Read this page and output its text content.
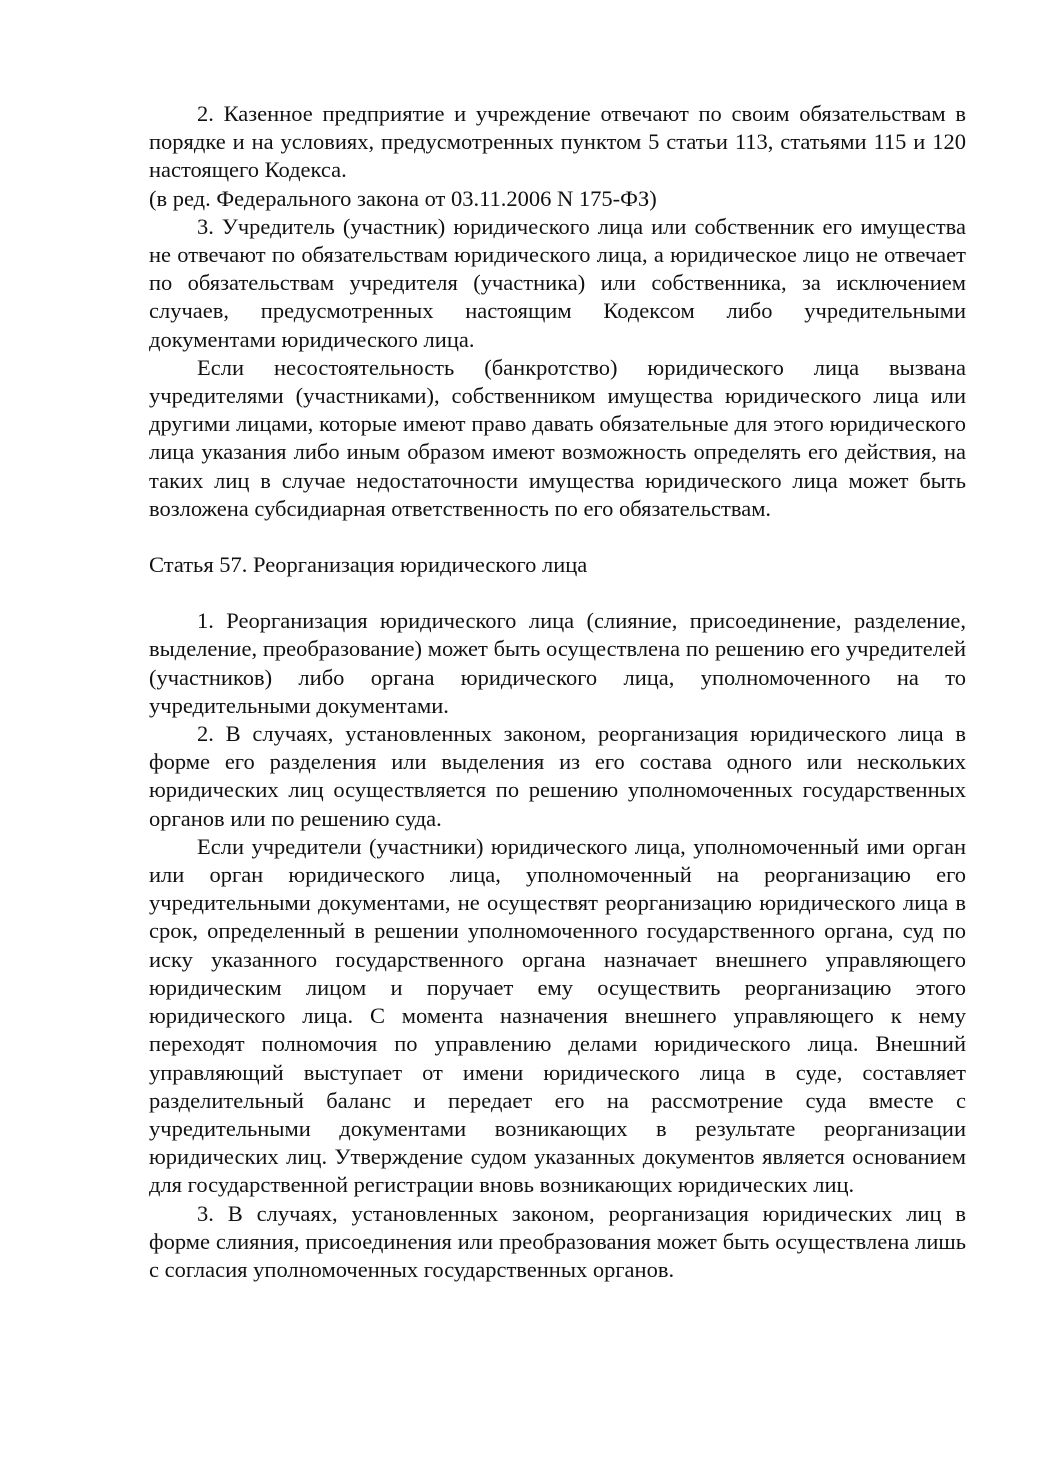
2. Казенное предприятие и учреждение отвечают по своим обязательствам в порядке и на условиях, предусмотренных пунктом 5 статьи 113, статьями 115 и 120 настоящего Кодекса.

(в ред. Федерального закона от 03.11.2006 N 175-ФЗ)

3. Учредитель (участник) юридического лица или собственник его имущества не отвечают по обязательствам юридического лица, а юридическое лицо не отвечает по обязательствам учредителя (участника) или собственника, за исключением случаев, предусмотренных настоящим Кодексом либо учредительными документами юридического лица.

Если несостоятельность (банкротство) юридического лица вызвана учредителями (участниками), собственником имущества юридического лица или другими лицами, которые имеют право давать обязательные для этого юридического лица указания либо иным образом имеют возможность определять его действия, на таких лиц в случае недостаточности имущества юридического лица может быть возложена субсидиарная ответственность по его обязательствам.

Статья 57. Реорганизация юридического лица

1. Реорганизация юридического лица (слияние, присоединение, разделение, выделение, преобразование) может быть осуществлена по решению его учредителей (участников) либо органа юридического лица, уполномоченного на то учредительными документами.

2. В случаях, установленных законом, реорганизация юридического лица в форме его разделения или выделения из его состава одного или нескольких юридических лиц осуществляется по решению уполномоченных государственных органов или по решению суда.

Если учредители (участники) юридического лица, уполномоченный ими орган или орган юридического лица, уполномоченный на реорганизацию его учредительными документами, не осуществят реорганизацию юридического лица в срок, определенный в решении уполномоченного государственного органа, суд по иску указанного государственного органа назначает внешнего управляющего юридическим лицом и поручает ему осуществить реорганизацию этого юридического лица. С момента назначения внешнего управляющего к нему переходят полномочия по управлению делами юридического лица. Внешний управляющий выступает от имени юридического лица в суде, составляет разделительный баланс и передает его на рассмотрение суда вместе с учредительными документами возникающих в результате реорганизации юридических лиц. Утверждение судом указанных документов является основанием для государственной регистрации вновь возникающих юридических лиц.

3. В случаях, установленных законом, реорганизация юридических лиц в форме слияния, присоединения или преобразования может быть осуществлена лишь с согласия уполномоченных государственных органов.
